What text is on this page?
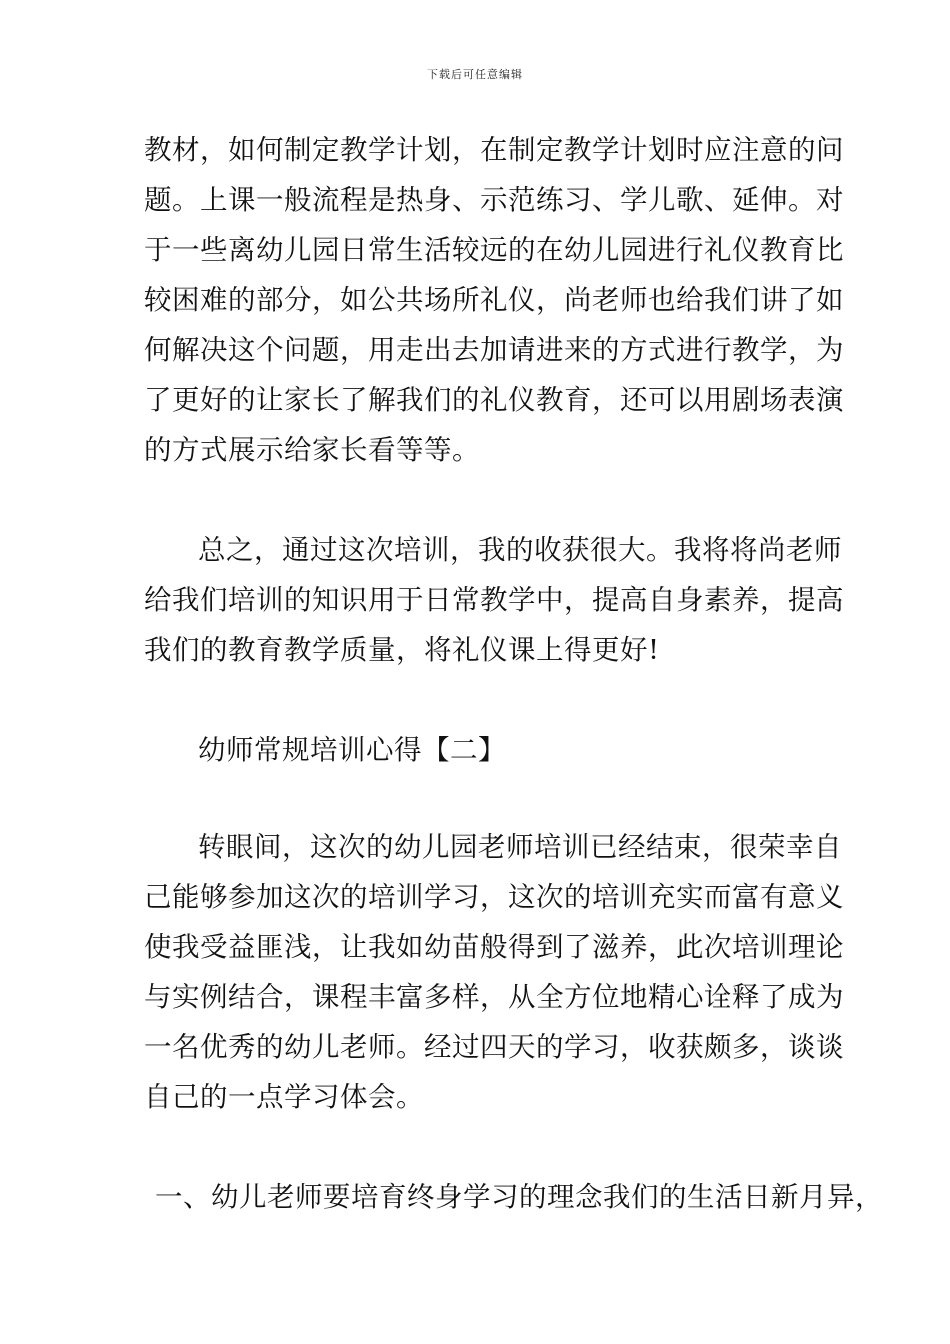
下载后可任意编辑

教材，如何制定教学计划，在制定教学计划时应注意的问

题。上课一般流程是热身、示范练习、学儿歌、延伸。对

于一些离幼儿园日常生活较远的在幼儿园进行礼仪教育比

较困难的部分，如公共场所礼仪，尚老师也给我们讲了如

何解决这个问题，用走出去加请进来的方式进行教学，为

了更好的让家长了解我们的礼仪教育，还可以用剧场表演

的方式展示给家长看等等。

总之，通过这次培训，我的收获很大。我将将尚老师

给我们培训的知识用于日常教学中，提高自身素养，提高

我们的教育教学质量，将礼仪课上得更好!

幼师常规培训心得【二】

转眼间，这次的幼儿园老师培训已经结束，很荣幸自

己能够参加这次的培训学习，这次的培训充实而富有意义

使我受益匪浅，让我如幼苗般得到了滋养，此次培训理论

与实例结合，课程丰富多样，从全方位地精心诠释了成为

一名优秀的幼儿老师。经过四天的学习，收获颇多，谈谈

自己的一点学习体会。

一、幼儿老师要培育终身学习的理念我们的生活日新月异，
